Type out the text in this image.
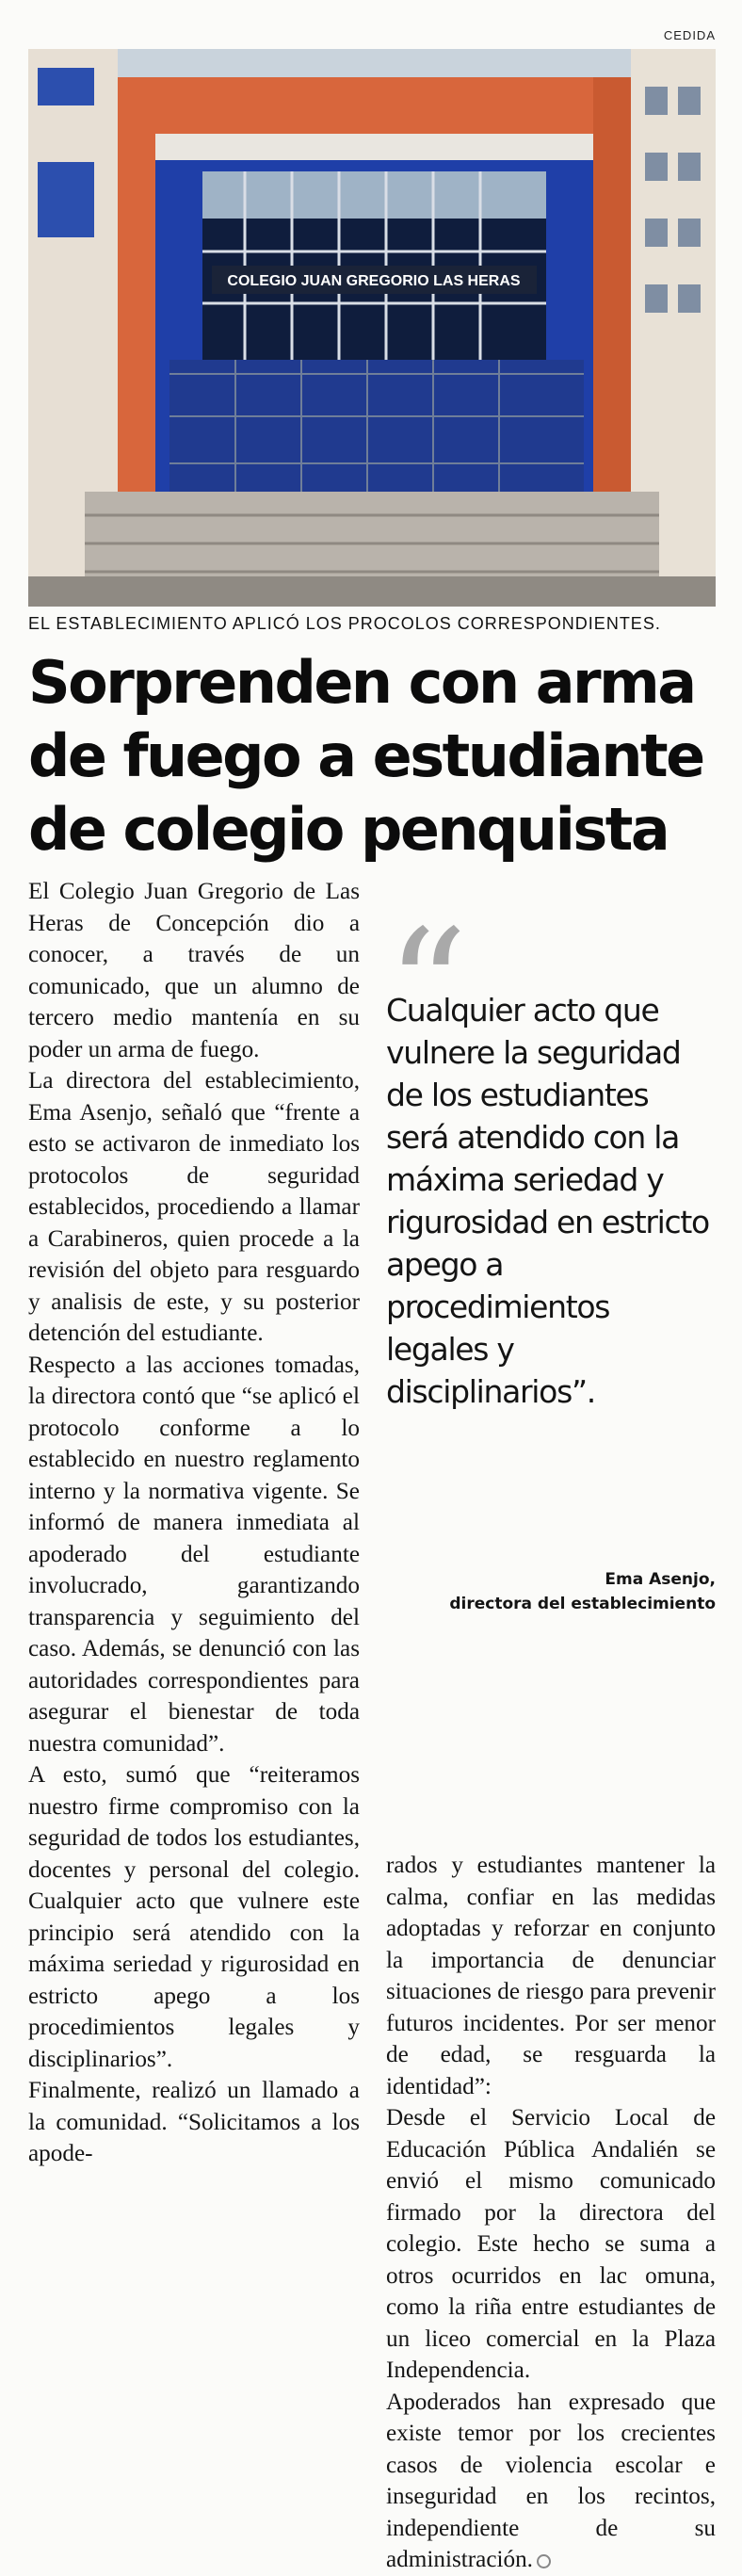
CEDIDA
COLEGIO JUAN GREGORIO LAS HERAS
EL ESTABLECIMIENTO APLICÓ LOS PROCOLOS CORRESPONDIENTES.
Sorprenden con arma
de fuego a estudiante
de colegio penquista

El Colegio Juan Gregorio de Las Heras de Concepción dio a conocer, a través de un comunicado, que un alumno de tercero medio mantenía en su poder un arma de fuego.

La directora del establecimiento, Ema Asenjo, señaló que “frente a esto se activaron de inmediato los protocolos de seguridad establecidos, procediendo a llamar a Carabineros, quien procede a la revisión del objeto para resguardo y analisis de este, y su posterior detención del estudiante.

Respecto a las acciones tomadas, la directora contó que “se aplicó el protocolo conforme a lo establecido en nuestro reglamento interno y la normativa vigente. Se informó de manera inmediata al apoderado del estudiante involucrado, garantizando transparencia y seguimiento del caso. Además, se denunció con las autoridades correspondientes para asegurar el bienestar de toda nuestra comunidad”.

A esto, sumó que “reiteramos nuestro firme compromiso con la seguridad de todos los estudiantes, docentes y personal del colegio. Cualquier acto que vulnere este principio será atendido con la máxima seriedad y rigurosidad en estricto apego a los procedimientos legales y disciplinarios”.

Finalmente, realizó un llamado a la comunidad. “Solicitamos a los apode-

Cualquier acto que vulnere la seguridad de los estudiantes será atendido con la máxima seriedad y rigurosidad en estricto apego a procedimientos legales y disciplinarios”.

Ema Asenjo,
directora del establecimiento

rados y estudiantes mantener la calma, confiar en las medidas adoptadas y reforzar en conjunto la importancia de denunciar situaciones de riesgo para prevenir futuros incidentes. Por ser menor de edad, se resguarda la identidad”:

Desde el Servicio Local de Educación Pública Andalién se envió el mismo comunicado firmado por la directora del colegio. Este hecho se suma a otros ocurridos en lac omuna, como la riña entre estudiantes de un liceo comercial en la Plaza Independencia.

Apoderados han expresado que existe temor por los crecientes casos de violencia escolar e inseguridad en los recintos, independiente de su administración.
